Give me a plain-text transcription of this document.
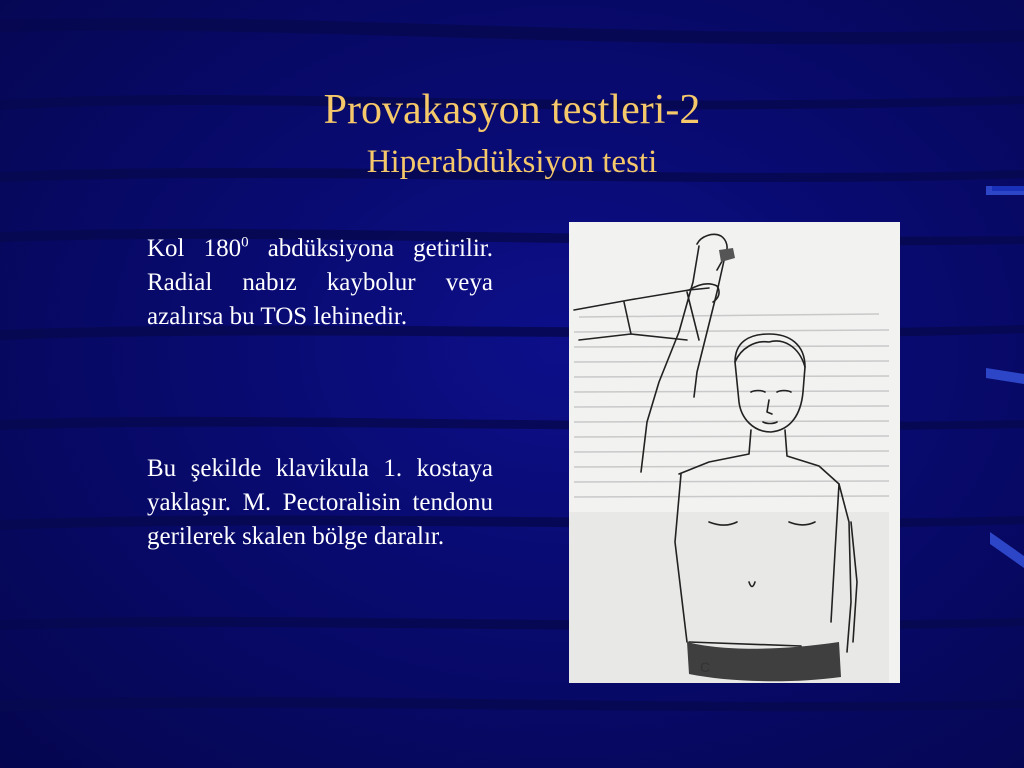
Provakasyon testleri-2
Hiperabdüksiyon testi

Kol $180^0$ abdüksiyona getirilir. Radial nabız kaybolur veya azalırsa bu TOS lehinedir.

Bu şekilde klavikula 1. kostaya yaklaşır. M. Pectoralisin tendonu gerilerek skalen bölge daralır.

C
